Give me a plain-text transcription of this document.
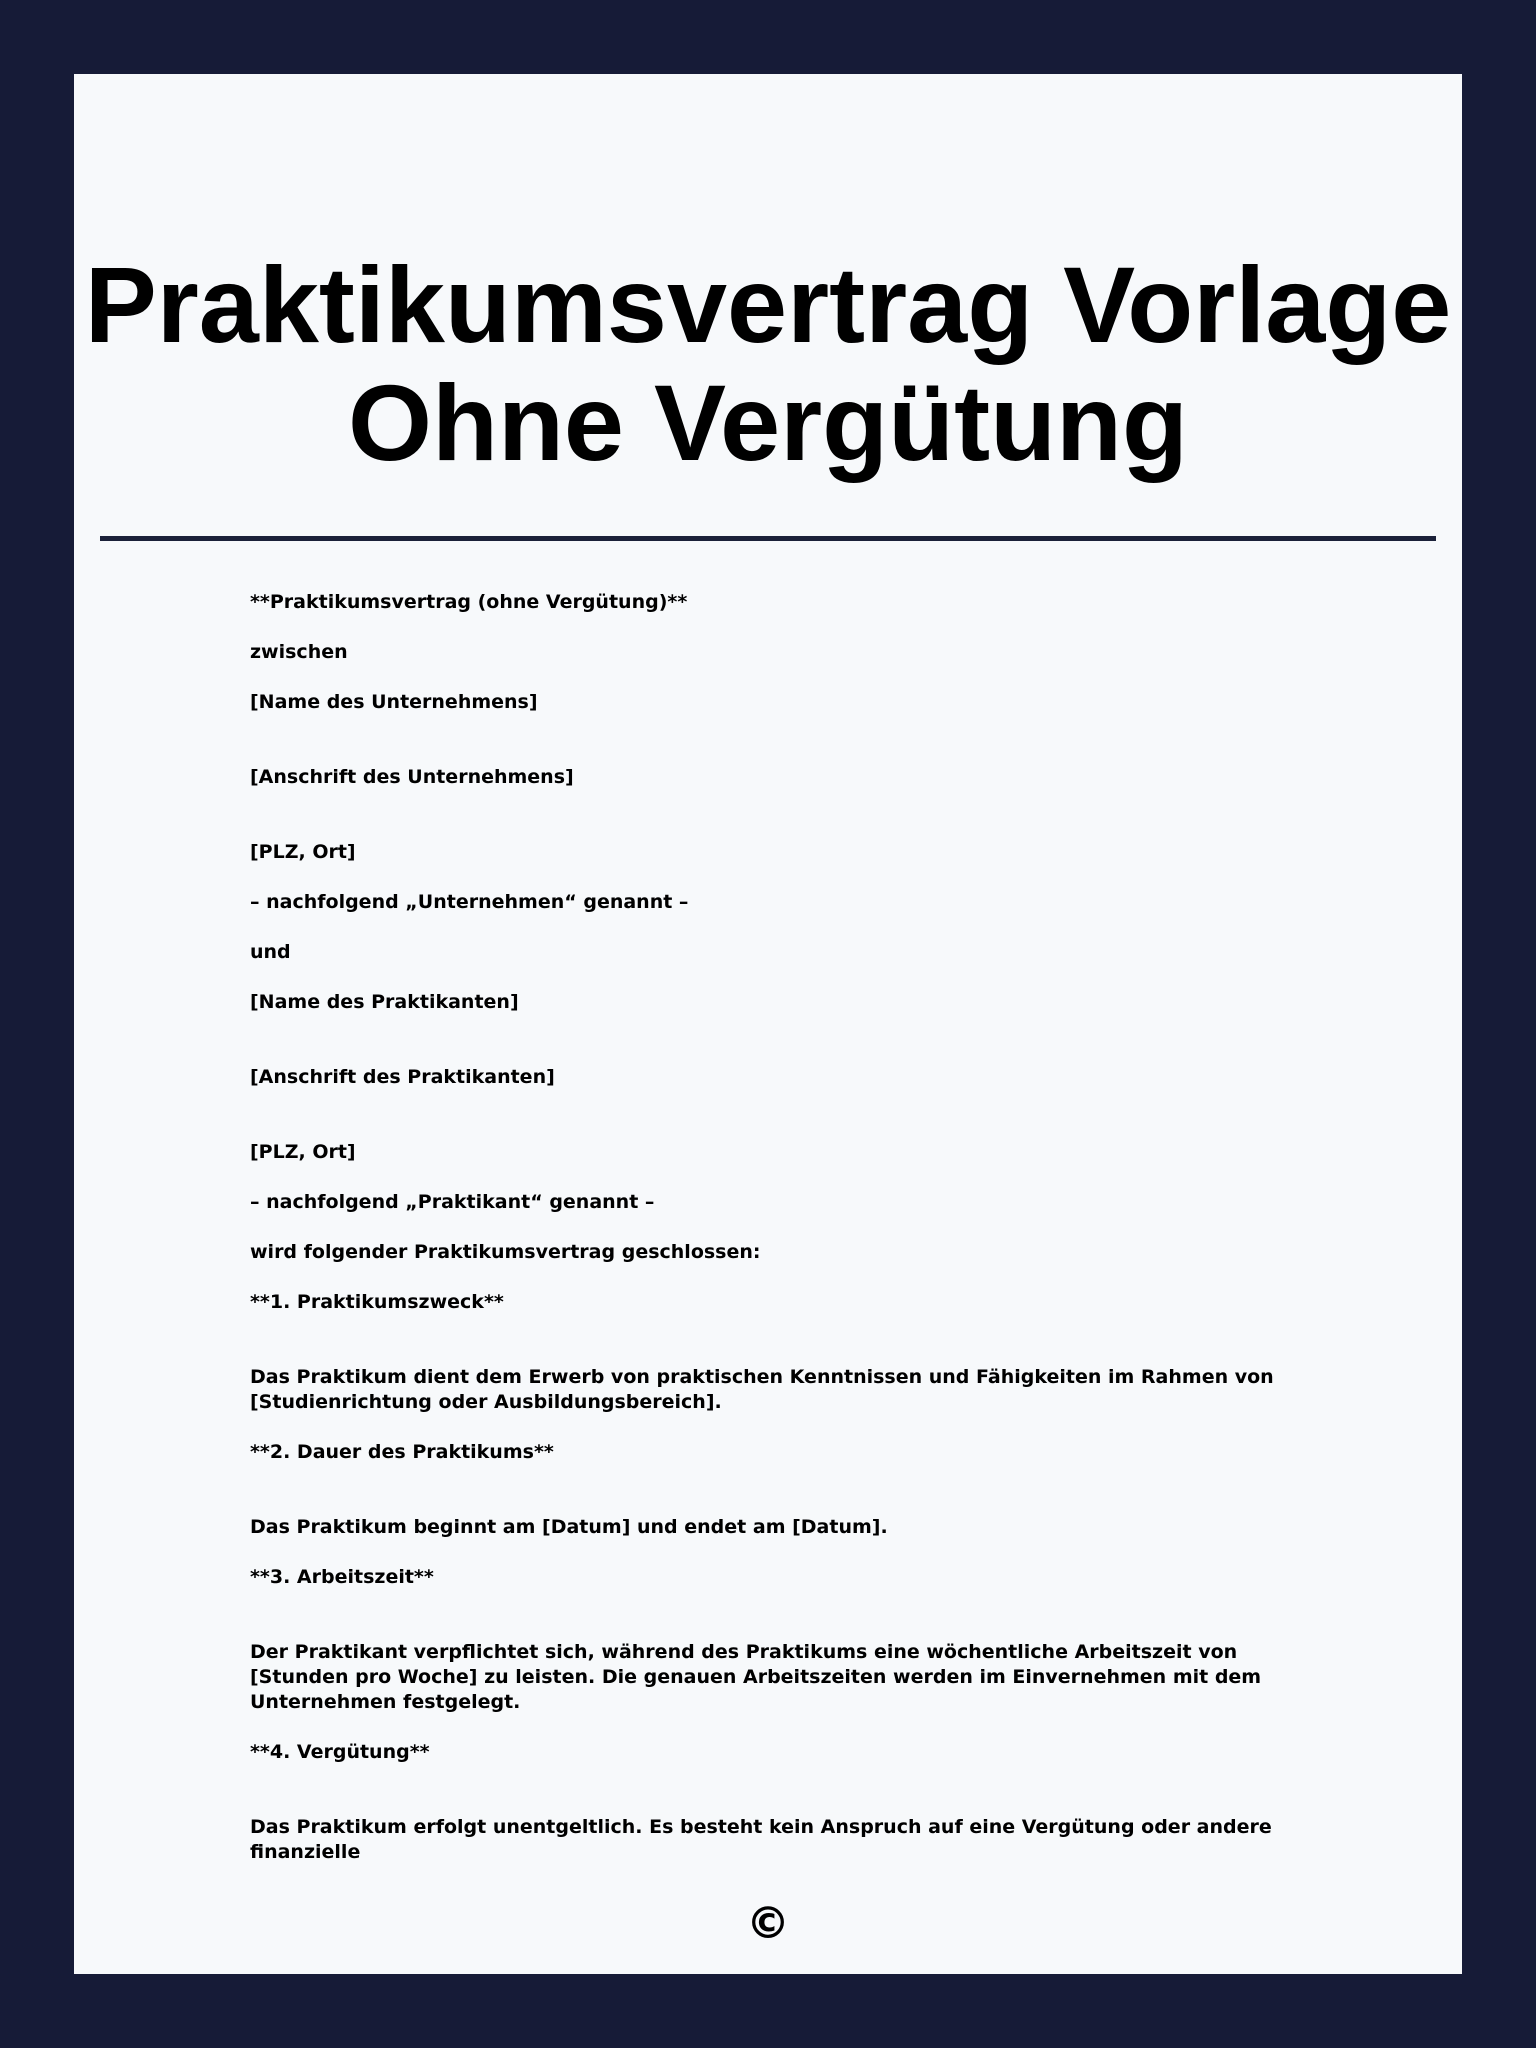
Praktikumsvertrag Vorlage
Ohne Vergütung

**Praktikumsvertrag (ohne Vergütung)**

zwischen

[Name des Unternehmens]

[Anschrift des Unternehmens]

[PLZ, Ort]

– nachfolgend „Unternehmen“ genannt –

und

[Name des Praktikanten]

[Anschrift des Praktikanten]

[PLZ, Ort]

– nachfolgend „Praktikant“ genannt –

wird folgender Praktikumsvertrag geschlossen:

**1. Praktikumszweck**

Das Praktikum dient dem Erwerb von praktischen Kenntnissen und Fähigkeiten im Rahmen von [Studienrichtung oder Ausbildungsbereich].

**2. Dauer des Praktikums**

Das Praktikum beginnt am [Datum] und endet am [Datum].

**3. Arbeitszeit**

Der Praktikant verpflichtet sich, während des Praktikums eine wöchentliche Arbeitszeit von [Stunden pro Woche] zu leisten. Die genauen Arbeitszeiten werden im Einvernehmen mit dem Unternehmen festgelegt.

**4. Vergütung**

Das Praktikum erfolgt unentgeltlich. Es besteht kein Anspruch auf eine Vergütung oder andere finanzielle

©
